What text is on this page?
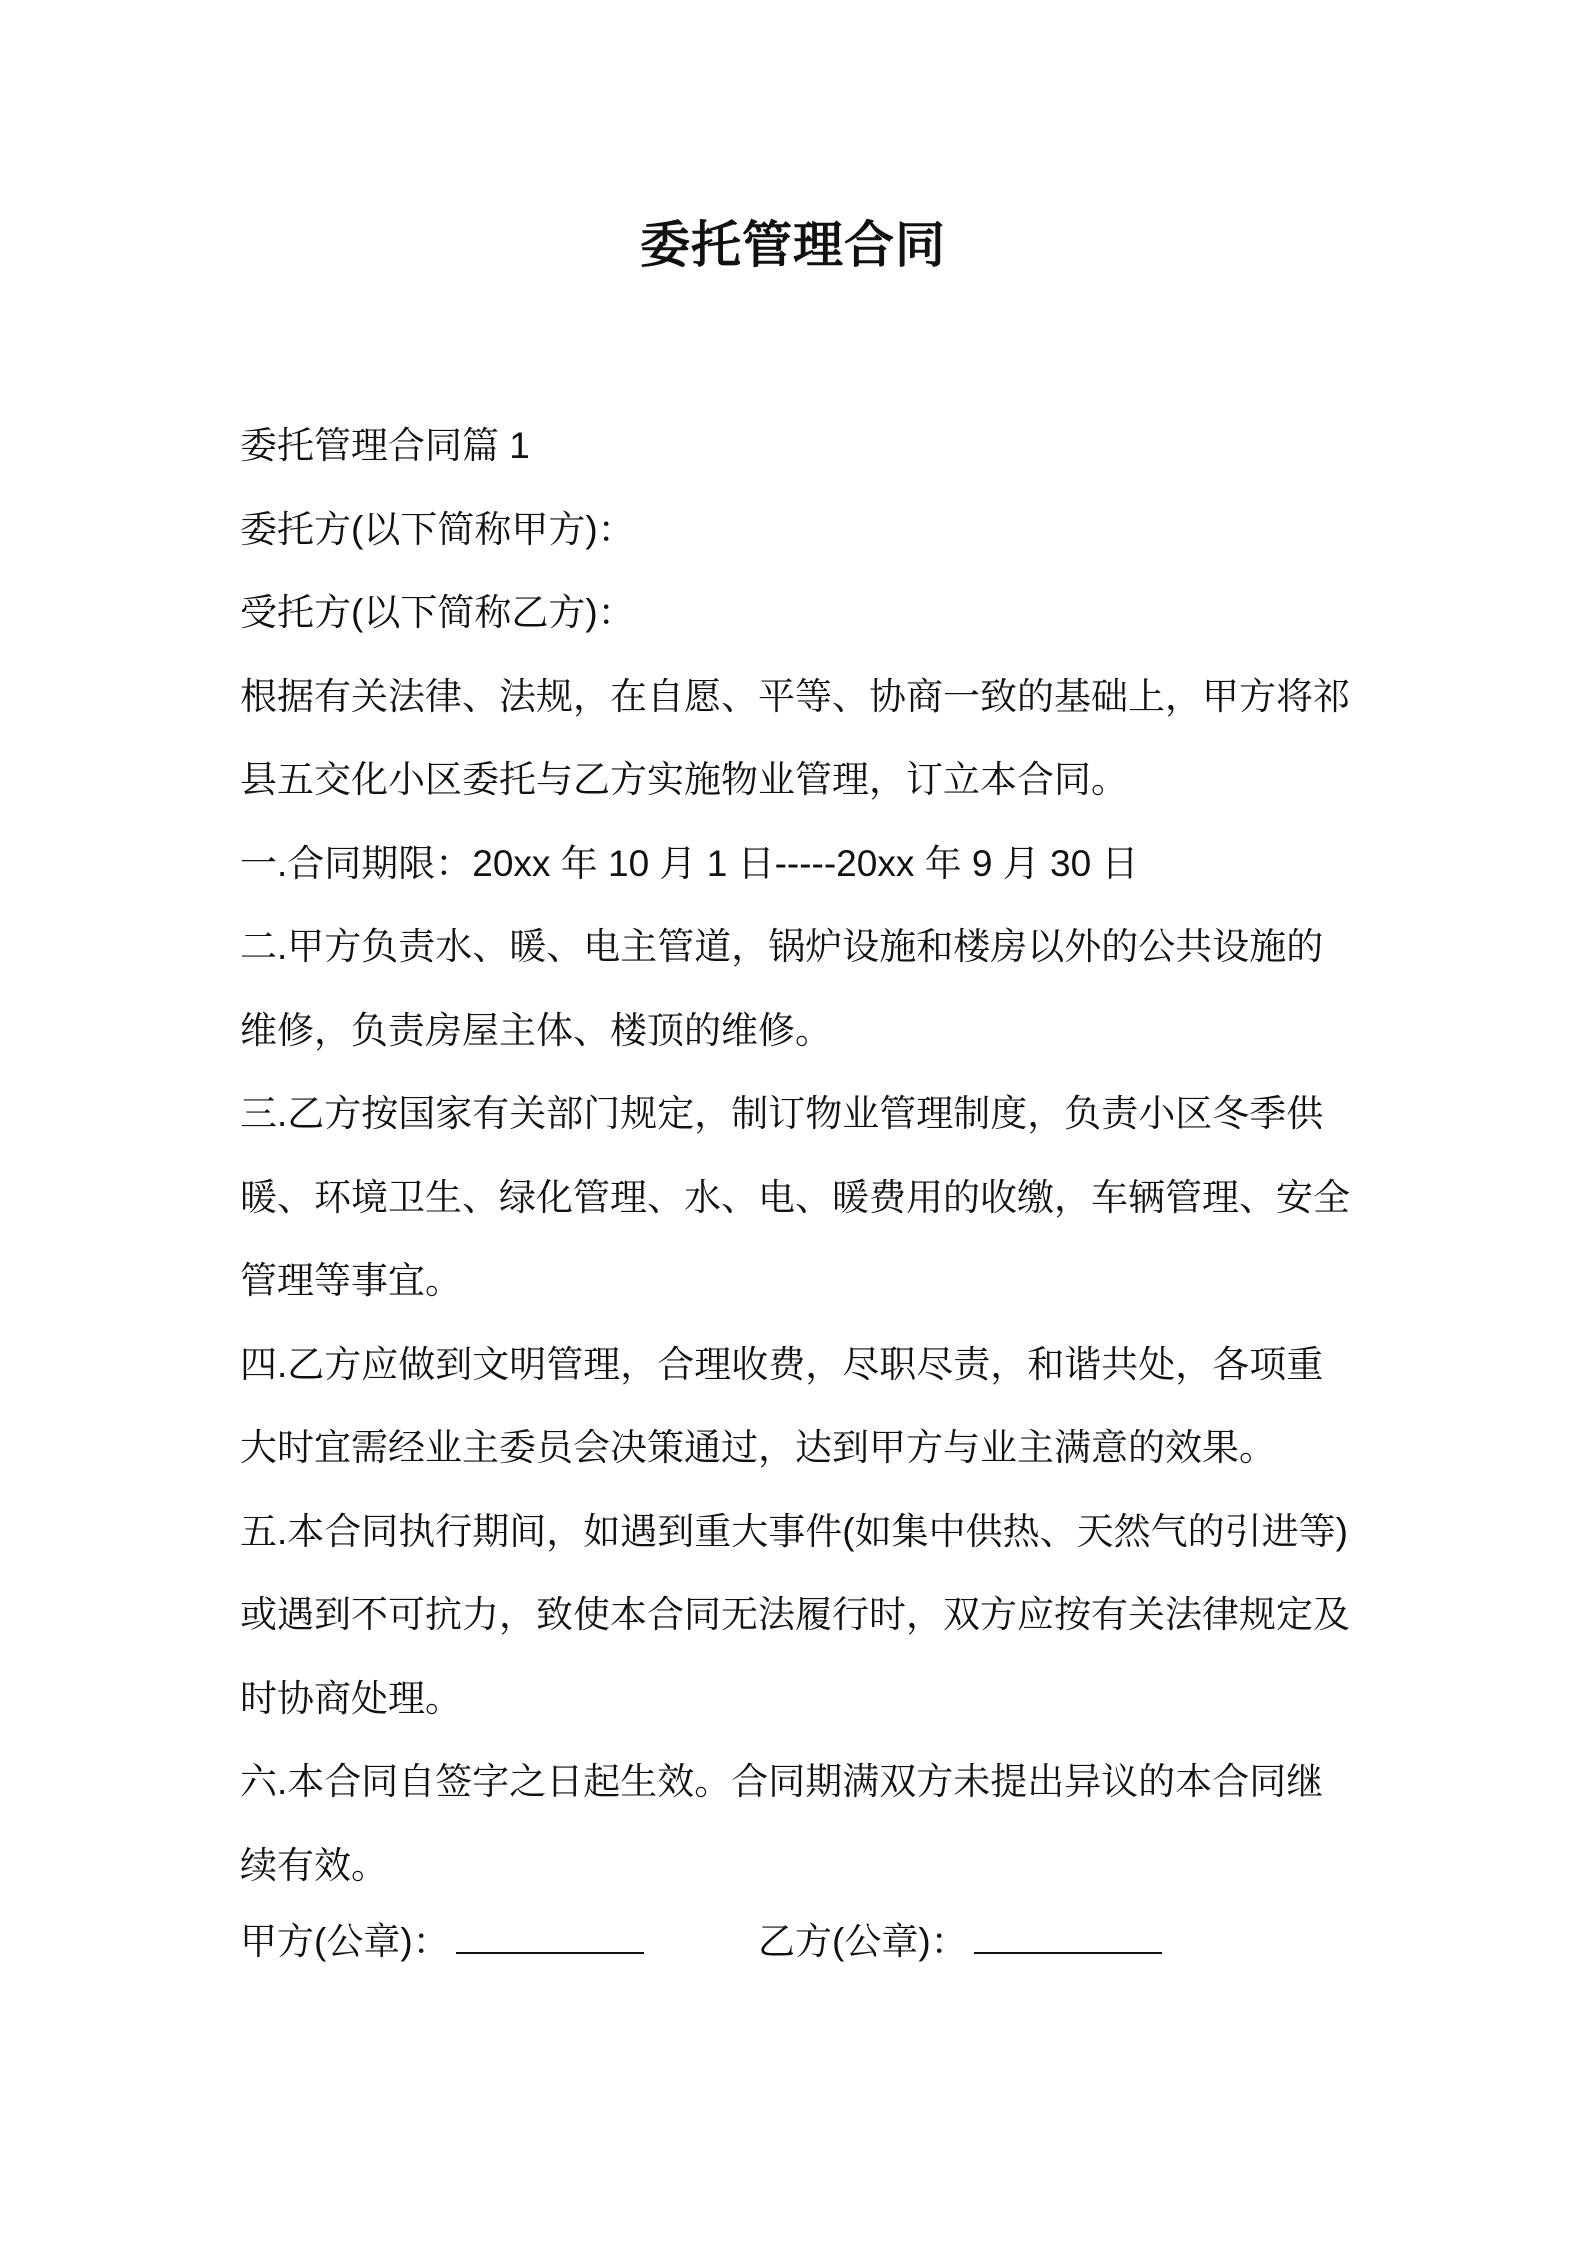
委托管理合同

委托管理合同篇 1

委托方(以下简称甲方)：

受托方(以下简称乙方)：

根据有关法律、法规，在自愿、平等、协商一致的基础上，甲方将祁县五交化小区委托与乙方实施物业管理，订立本合同。

一.合同期限：20xx 年 10 月 1 日-----20xx 年 9 月 30 日

二.甲方负责水、暖、电主管道，锅炉设施和楼房以外的公共设施的维修，负责房屋主体、楼顶的维修。

三.乙方按国家有关部门规定，制订物业管理制度，负责小区冬季供暖、环境卫生、绿化管理、水、电、暖费用的收缴，车辆管理、安全管理等事宜。

四.乙方应做到文明管理，合理收费，尽职尽责，和谐共处，各项重大时宜需经业主委员会决策通过，达到甲方与业主满意的效果。

五.本合同执行期间，如遇到重大事件(如集中供热、天然气的引进等)或遇到不可抗力，致使本合同无法履行时，双方应按有关法律规定及时协商处理。

六.本合同自签字之日起生效。合同期满双方未提出异议的本合同继续有效。

甲方(公章)：	乙方(公章)：
